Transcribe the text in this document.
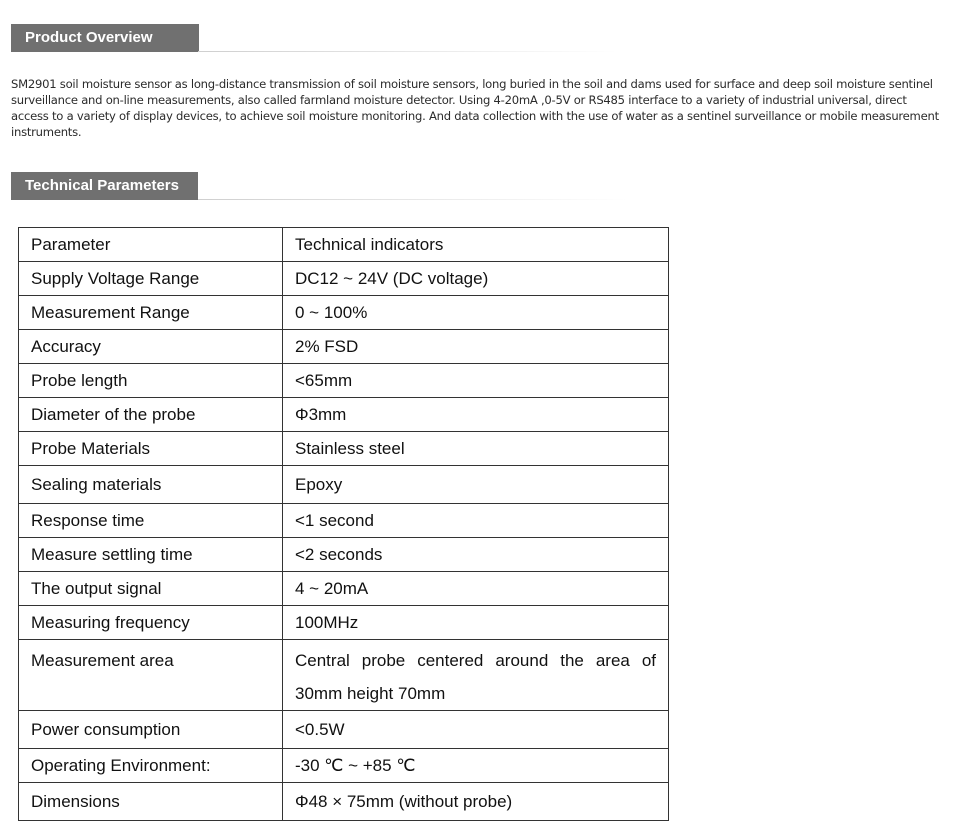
Product Overview

SM2901 soil moisture sensor as long-distance transmission of soil moisture sensors, long buried in the soil and dams used for surface and deep soil moisture sentinel surveillance and on-line measurements, also called farmland moisture detector. Using 4-20mA ,0-5V or RS485 interface to a variety of industrial universal, direct access to a variety of display devices, to achieve soil moisture monitoring. And data collection with the use of water as a sentinel surveillance or mobile measurement instruments.

Technical Parameters
Parameter	Technical indicators
Supply Voltage Range	DC12 ~ 24V (DC voltage)
Measurement Range	0 ~ 100%
Accuracy	2% FSD
Probe length	<65mm
Diameter of the probe	Φ3mm
Probe Materials	Stainless steel
Sealing materials	Epoxy
Response time	<1 second
Measure settling time	<2 seconds
The output signal	4 ~ 20mA
Measuring frequency	100MHz
Measurement area	Central probe centered around the area of 30mm height 70mm
Power consumption	<0.5W
Operating Environment:	-30 ℃ ~ +85 ℃
Dimensions	Φ48 × 75mm (without probe)
